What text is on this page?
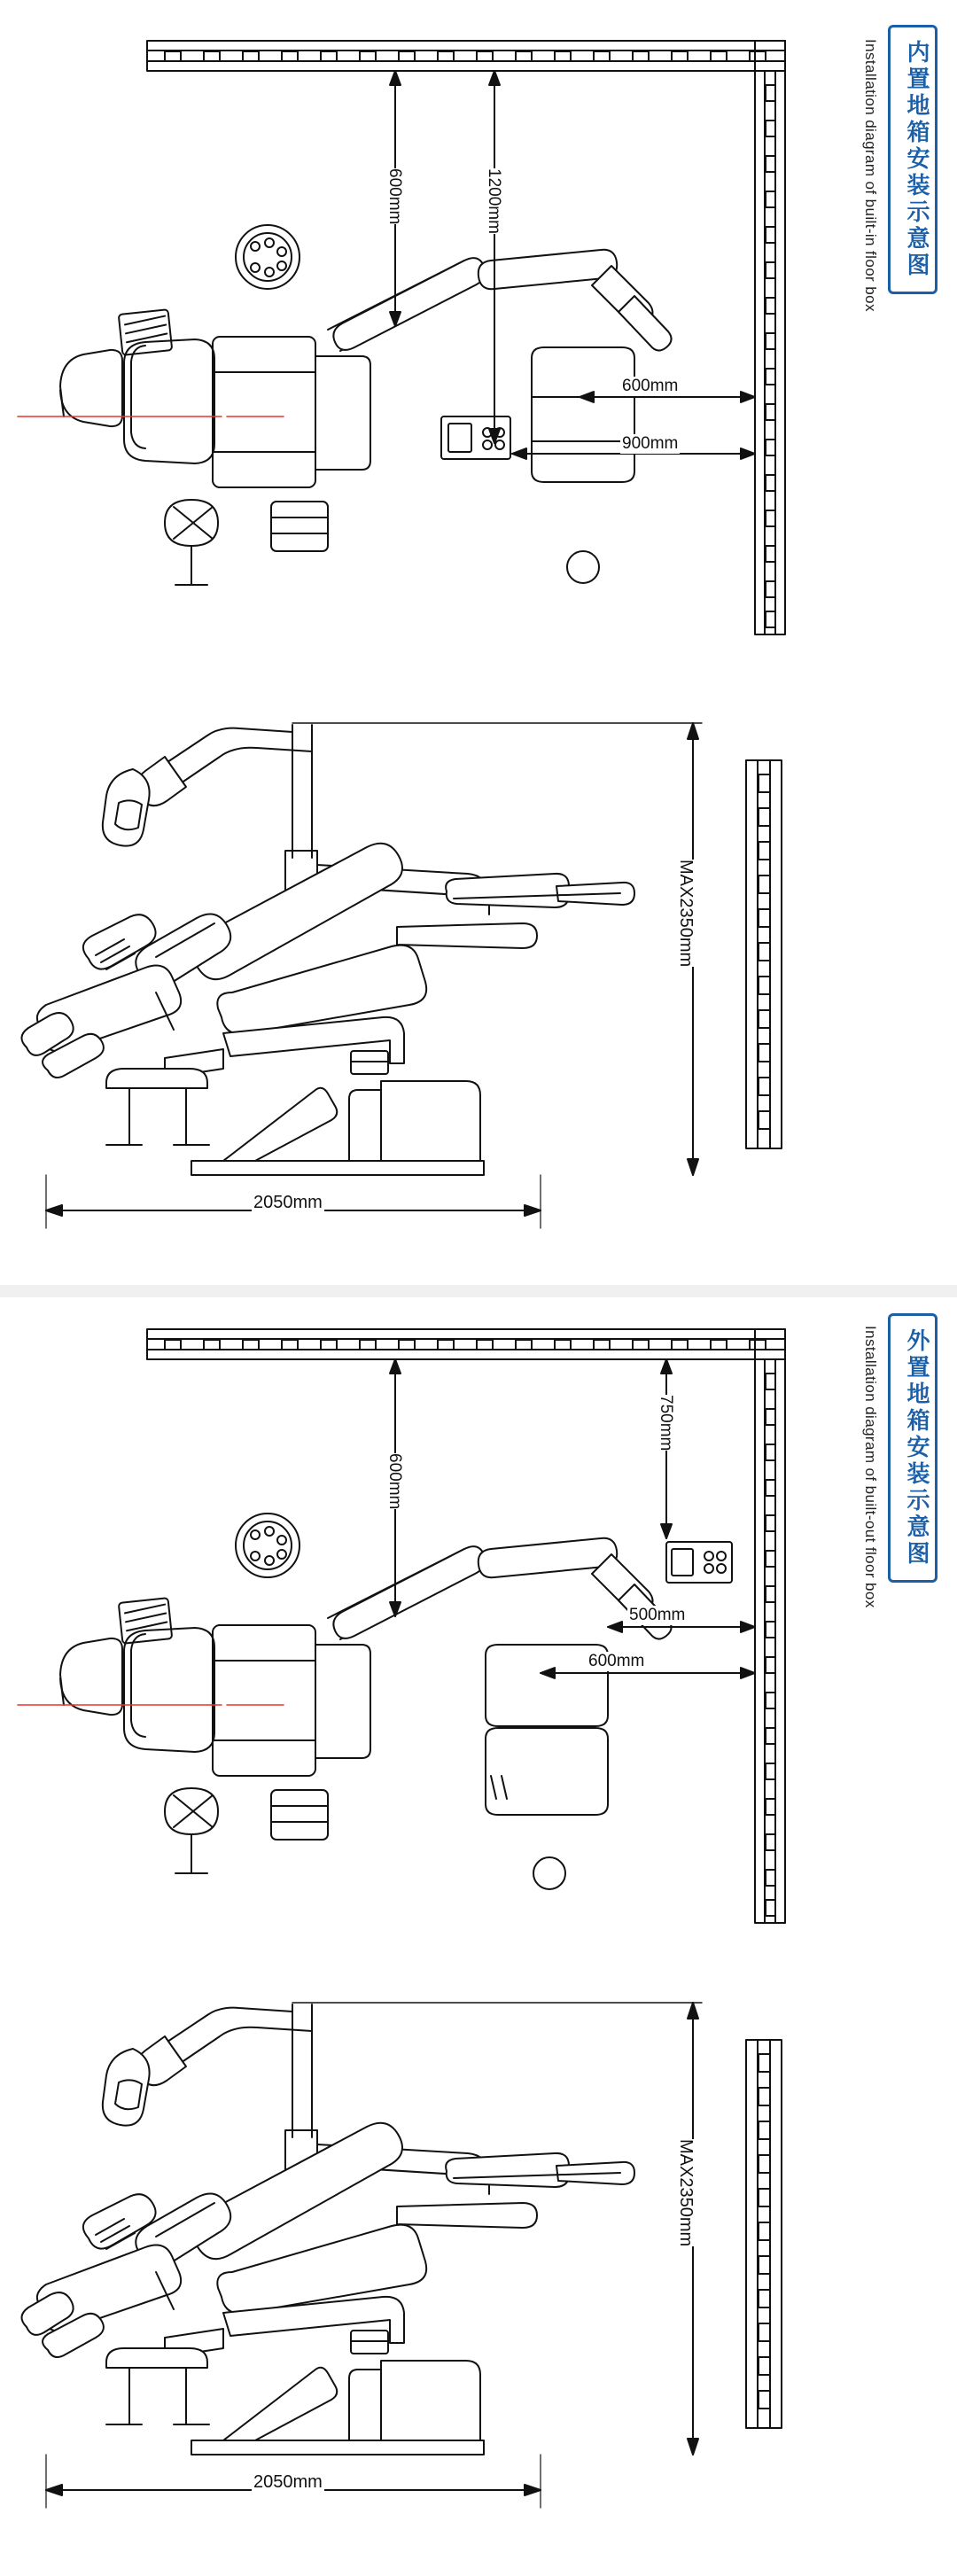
内置地箱安装示意图
Installation diagram of built-in floor box
600mm	1200mm
600mm
900mm
MAX2350mm
2050mm
外置地箱安装示意图
Installation diagram of built-out floor box
600mm
750mm
500mm
600mm
MAX2350mm
2050mm
